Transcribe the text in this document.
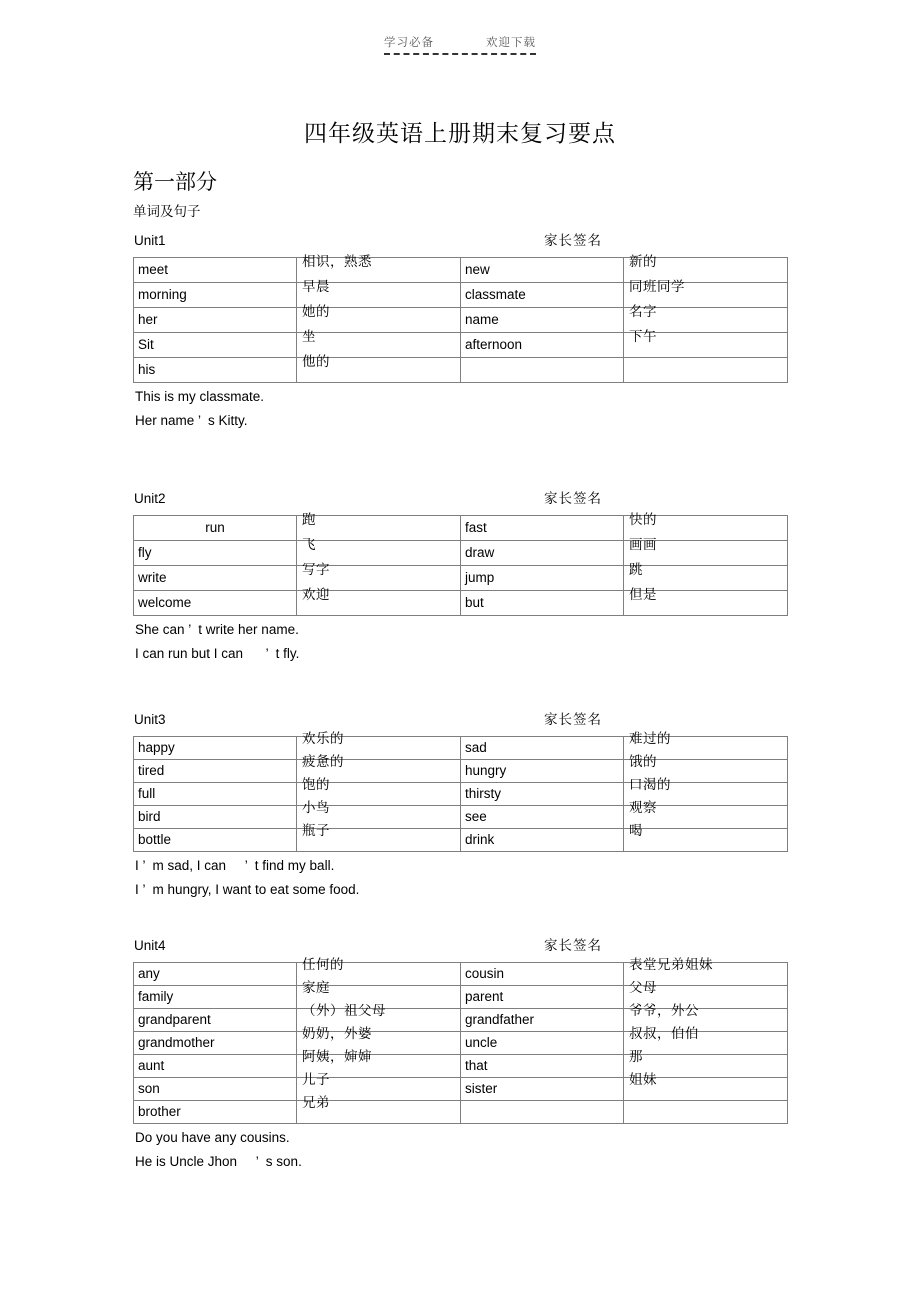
学习必备	欢迎下载
四年级英语上册期末复习要点
第一部分
单词及句子
Unit1	家长签名
meet	相识，熟悉	new	新的

morning	早晨	classmate	同班同学

her	她的	name	名字

Sit	坐	afternoon	下午

his	他的		

This is my classmate.
Her name ’  s Kitty.
Unit2	家长签名
run	跑	fast	快的

fly	飞	draw	画画

write	写字	jump	跳

welcome	欢迎	but	但是
She can ’  t write her name.
I can run but I can      ’  t fly.
Unit3	家长签名
happy	欢乐的	sad	难过的

tired	疲惫的	hungry	饿的

full	饱的	thirsty	口渴的

bird	小鸟	see	观察

bottle	瓶子	drink	喝
I ’  m sad, I can     ’  t find my ball.
I ’  m hungry, I want to eat some food.
Unit4	家长签名
any	任何的	cousin	表堂兄弟姐妹

family	家庭	parent	父母

grandparent	（外）祖父母	grandfather	爷爷，外公

grandmother	奶奶，外婆	uncle	叔叔，伯伯

aunt	阿姨，婶婶	that	那

son	儿子	sister	姐妹

brother	兄弟		

Do you have any cousins.
He is Uncle Jhon     ’  s son.
